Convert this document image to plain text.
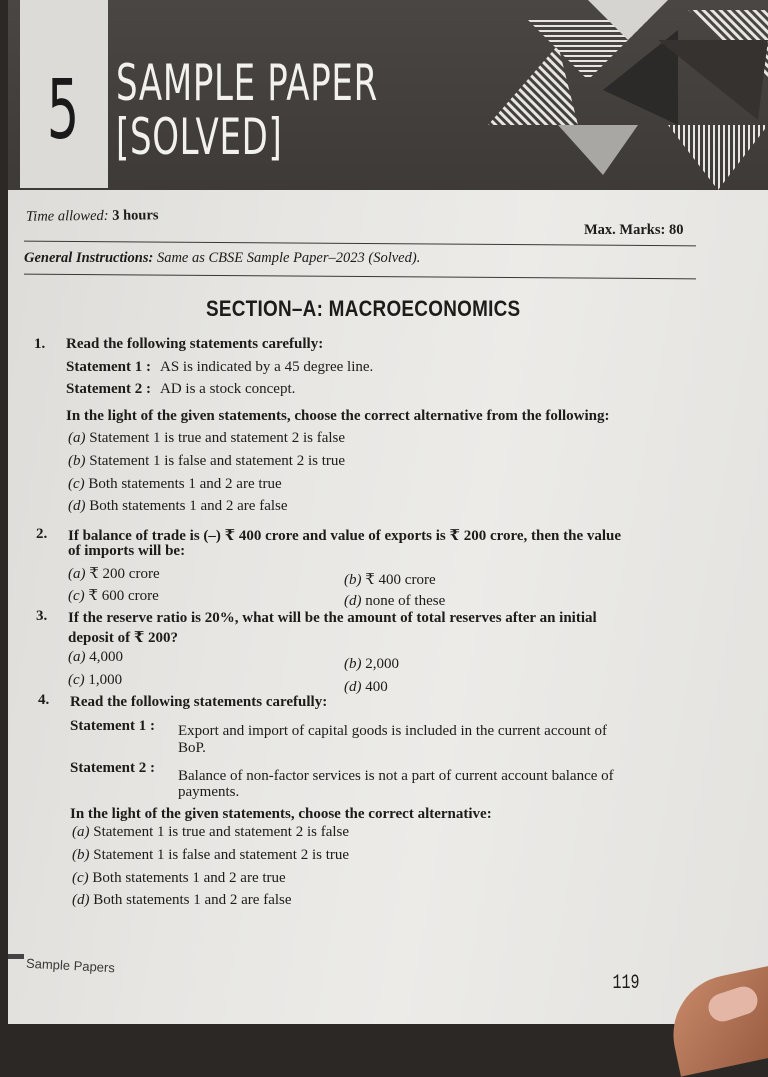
5 SAMPLE PAPER
[SOLVED]
Time allowed: 3 hours
Max. Marks: 80
General Instructions: Same as CBSE Sample Paper–2023 (Solved).
SECTION–A: MACROECONOMICS
1. Read the following statements carefully:
Statement 1 : AS is indicated by a 45 degree line.
Statement 2 : AD is a stock concept.
In the light of the given statements, choose the correct alternative from the following:
(a) Statement 1 is true and statement 2 is false
(b) Statement 1 is false and statement 2 is true
(c) Both statements 1 and 2 are true
(d) Both statements 1 and 2 are false
2. If balance of trade is (–) ₹ 400 crore and value of exports is ₹ 200 crore, then the value
of imports will be:
(a) ₹ 200 crore	(b) ₹ 400 crore
(c) ₹ 600 crore	(d) none of these
3. If the reserve ratio is 20%, what will be the amount of total reserves after an initial
deposit of ₹ 200?
(a) 4,000	(b) 2,000
(c) 1,000	(d) 400
4. Read the following statements carefully:
Statement 1 : Export and import of capital goods is included in the current account of
BoP.
Statement 2 : Balance of non-factor services is not a part of current account balance of
payments.
In the light of the given statements, choose the correct alternative:
(a) Statement 1 is true and statement 2 is false
(b) Statement 1 is false and statement 2 is true
(c) Both statements 1 and 2 are true
(d) Both statements 1 and 2 are false
Sample Papers
119
